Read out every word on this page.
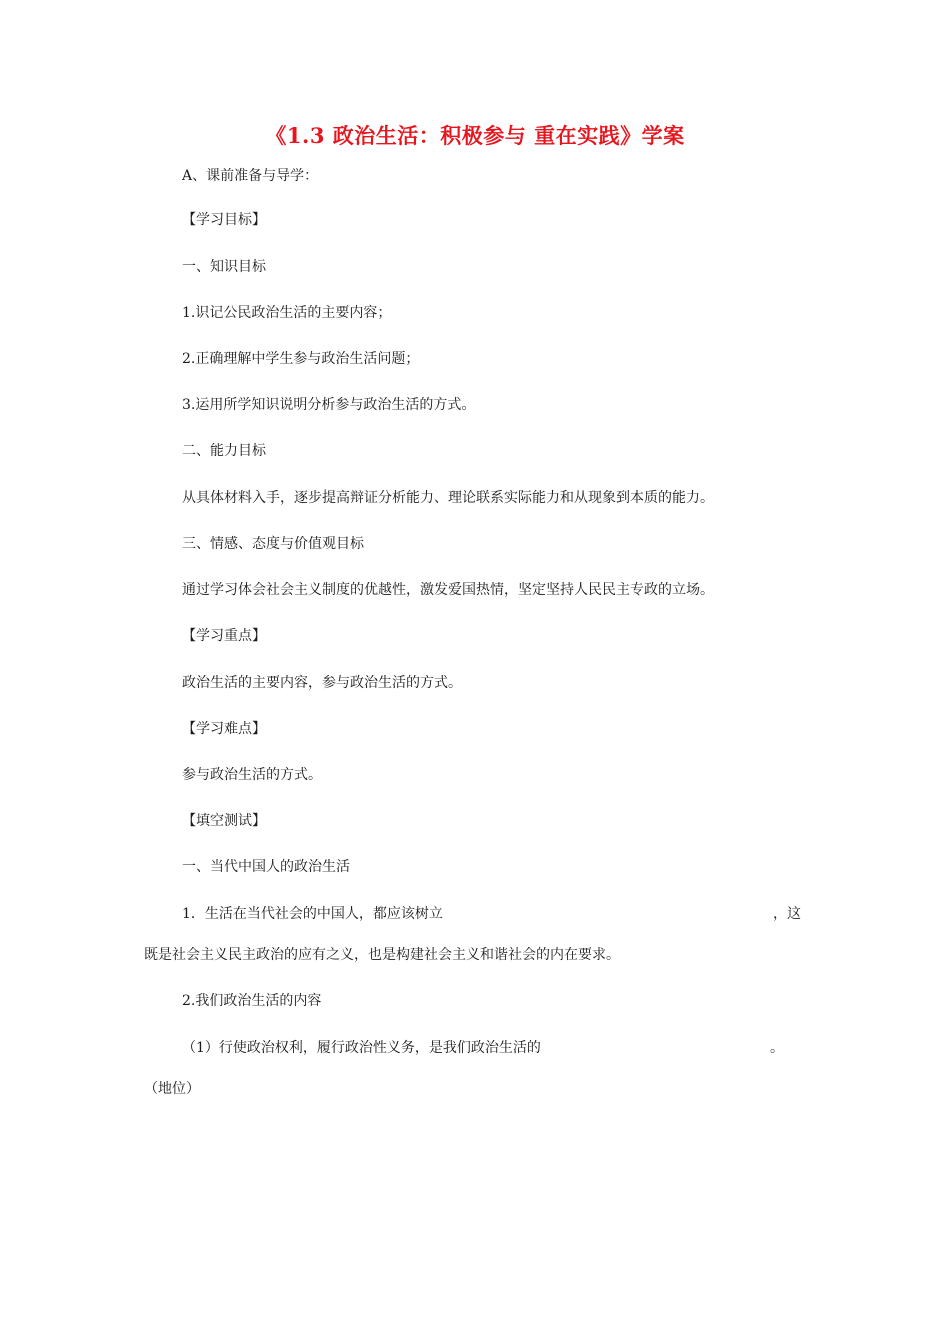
《1.3 政治生活：积极参与 重在实践》学案

A、课前准备与导学：

【学习目标】

一、知识目标

1.识记公民政治生活的主要内容；

2.正确理解中学生参与政治生活问题；

3.运用所学知识说明分析参与政治生活的方式。

二、能力目标

从具体材料入手，逐步提高辩证分析能力、理论联系实际能力和从现象到本质的能力。

三、情感、态度与价值观目标

通过学习体会社会主义制度的优越性，激发爱国热情，坚定坚持人民民主专政的立场。

【学习重点】

政治生活的主要内容，参与政治生活的方式。

【学习难点】

参与政治生活的方式。

【填空测试】

一、当代中国人的政治生活

1．生活在当代社会的中国人，都应该树立	，这

既是社会主义民主政治的应有之义，也是构建社会主义和谐社会的内在要求。

2.我们政治生活的内容

（1）行使政治权利，履行政治性义务，是我们政治生活的	。

（地位）
